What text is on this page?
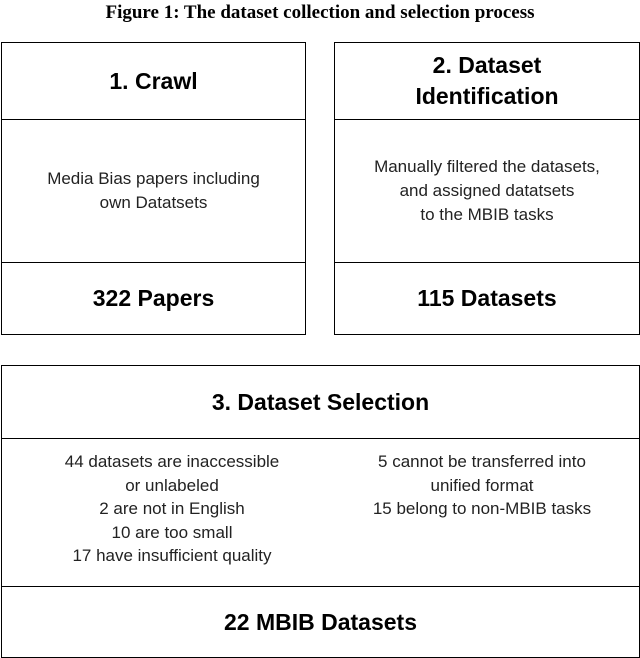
Figure 1: The dataset collection and selection process
1. Crawl
Media Bias papers including
own Datatsets
322 Papers
2. Dataset
Identification
Manually filtered the datasets,
and assigned datatsets
to the MBIB tasks
115 Datasets
3. Dataset Selection
44 datasets are inaccessible
or unlabeled
2 are not in English
10 are too small
17 have insufficient quality
5 cannot be transferred into
unified format
15 belong to non-MBIB tasks
22 MBIB Datasets
